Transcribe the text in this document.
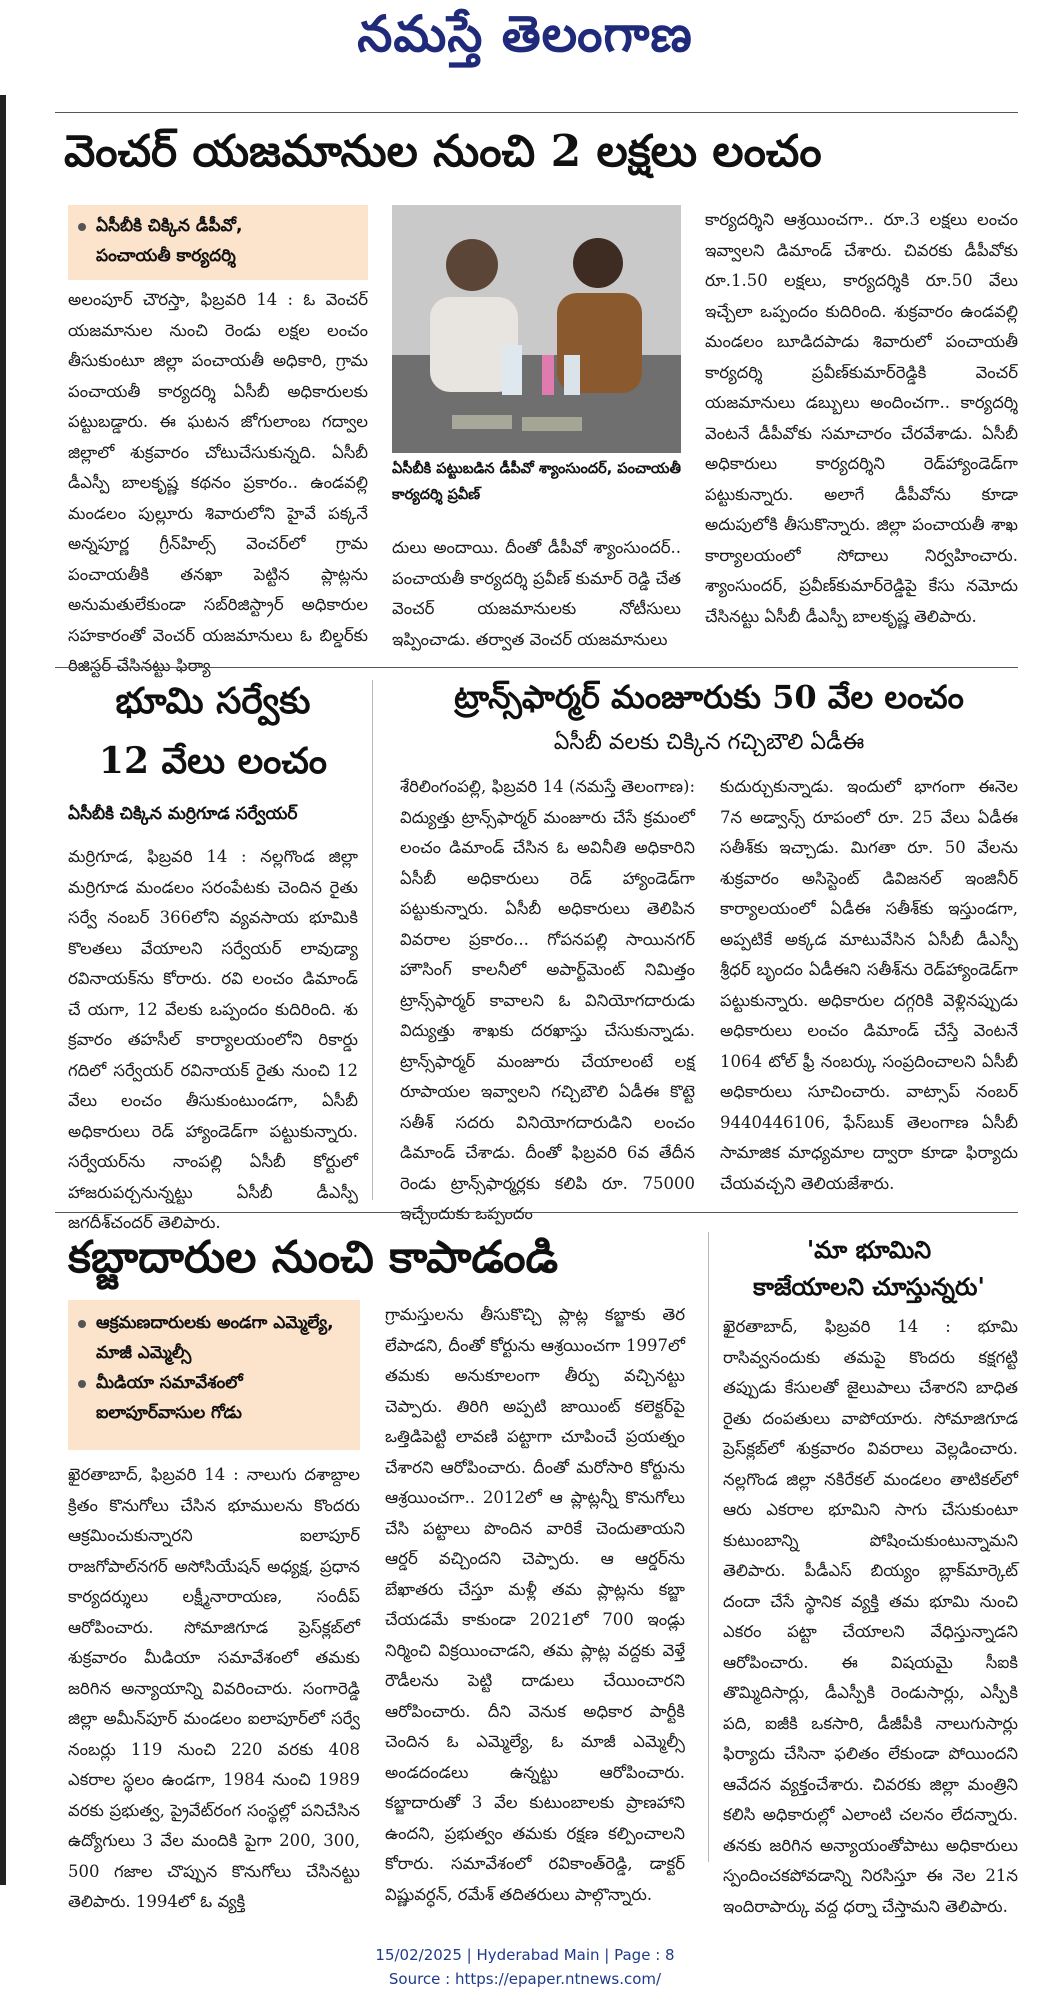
నమస్తే తెలంగాణ
వెంచర్ యజమానుల నుంచి 2 లక్షలు లంచం
ఏసీబీకి చిక్కిన డీపీవో,
పంచాయతీ కార్యదర్శి
అలంపూర్ చౌరస్తా, ఫిబ్రవరి 14 : ఓ వెంచర్ యజమానుల నుంచి రెండు లక్షల లంచం తీసుకుంటూ జిల్లా పంచాయతీ అధికారి, గ్రామ పంచాయతీ కార్యదర్శి ఏసీబీ అధికారులకు పట్టుబడ్డారు. ఈ ఘటన జోగులాంబ గద్వాల జిల్లాలో శుక్రవారం చోటుచేసుకున్నది. ఏసీబీ డీఎస్పీ బాలకృష్ణ కథనం ప్రకారం.. ఉండవల్లి మండలం పుల్లూరు శివారులోని హైవే పక్కనే అన్నపూర్ణ గ్రీన్‌హిల్స్ వెంచర్‌లో గ్రామ పంచాయతీకి తనఖా పెట్టిన ప్లాట్లను అనుమతులేకుండా సబ్‌రిజిస్ట్రార్ అధికారుల సహకారంతో వెంచర్ యజమానులు ఓ బిల్డర్‌కు రిజిస్టర్ చేసినట్టు ఫిర్యా
ఏసీబీకి పట్టుబడిన డీపీవో శ్యాంసుందర్, పంచాయతీ కార్యదర్శి ప్రవీణ్
దులు అందాయి. దీంతో డీపీవో శ్యాంసుందర్.. పంచాయతీ కార్యదర్శి ప్రవీణ్ కుమార్ రెడ్డి చేత వెంచర్ యజమానులకు నోటీసులు ఇప్పించాడు. తర్వాత వెంచర్ యజమానులు
కార్యదర్శిని ఆశ్రయించగా.. రూ.3 లక్షలు లంచం ఇవ్వాలని డిమాండ్ చేశారు. చివరకు డీపీవోకు రూ.1.50 లక్షలు, కార్యదర్శికి రూ.50 వేలు ఇచ్చేలా ఒప్పందం కుదిరింది. శుక్రవారం ఉండవల్లి మండలం బూడిదపాడు శివారులో పంచాయతీ కార్యదర్శి ప్రవీణ్‌కుమార్‌రెడ్డికి వెంచర్ యజమానులు డబ్బులు అందించగా.. కార్యదర్శి వెంటనే డీపీవోకు సమాచారం చేరవేశాడు. ఏసీబీ అధికారులు కార్యదర్శిని రెడ్‌హ్యాండెడ్‌గా పట్టుకున్నారు. అలాగే డీపీవోను కూడా అదుపులోకి తీసుకొన్నారు. జిల్లా పంచాయతీ శాఖ కార్యాలయంలో సోదాలు నిర్వహించారు. శ్యాంసుందర్, ప్రవీణ్‌కుమార్‌రెడ్డిపై కేసు నమోదు చేసినట్టు ఏసీబీ డీఎస్పీ బాలకృష్ణ తెలిపారు.
భూమి సర్వేకు
12 వేలు లంచం
ఏసీబీకి చిక్కిన మర్రిగూడ సర్వేయర్
మర్రిగూడ, ఫిబ్రవరి 14 : నల్లగొండ జిల్లా మర్రిగూడ మండలం సరంపేటకు చెందిన రైతు సర్వే నంబర్ 366లోని వ్యవసాయ భూమికి కొలతలు వేయాలని సర్వేయర్ లావుడ్యా రవినాయక్‌ను కోరారు. రవి లంచం డిమాండ్ చే యగా, 12 వేలకు ఒప్పందం కుదిరింది. శు క్రవారం తహసీల్ కార్యాలయంలోని రికార్డు గదిలో సర్వేయర్ రవినాయక్ రైతు నుంచి 12 వేలు లంచం తీసుకుంటుండగా, ఏసీబీ అధికారులు రెడ్ హ్యాండెడ్‌గా పట్టుకున్నారు. సర్వేయర్‌ను నాంపల్లి ఏసీబీ కోర్టులో హాజరుపర్చనున్నట్టు ఏసీబీ డీఎస్పీ జగదీశ్‌చందర్ తెలిపారు.
ట్రాన్స్‌ఫార్మర్ మంజూరుకు 50 వేల లంచం
ఏసీబీ వలకు చిక్కిన గచ్చిబౌలి ఏడీఈ
శేరిలింగంపల్లి, ఫిబ్రవరి 14 (నమస్తే తెలంగాణ): విద్యుత్తు ట్రాన్స్‌ఫార్మర్ మంజూరు చేసే క్రమంలో లంచం డిమాండ్ చేసిన ఓ అవినీతి అధికారిని ఏసీబీ అధికారులు రెడ్ హ్యాండెడ్‌గా పట్టుకున్నారు. ఏసీబీ అధికారులు తెలిపిన వివరాల ప్రకారం... గోపనపల్లి సాయినగర్ హౌసింగ్ కాలనీలో అపార్ట్‌మెంట్ నిమిత్తం ట్రాన్స్‌ఫార్మర్ కావాలని ఓ వినియోగదారుడు విద్యుత్తు శాఖకు దరఖాస్తు చేసుకున్నాడు. ట్రాన్స్‌ఫార్మర్ మంజూరు చేయాలంటే లక్ష రూపాయల ఇవ్వాలని గచ్చిబౌలి ఏడీఈ కొట్టె సతీశ్ సదరు వినియోగదారుడిని లంచం డిమాండ్ చేశాడు. దీంతో ఫిబ్రవరి 6వ తేదీన రెండు ట్రాన్స్‌ఫార్మర్లకు కలిపి రూ. 75000 ఇచ్చేందుకు ఒప్పందం
కుదుర్చుకున్నాడు. ఇందులో భాగంగా ఈనెల 7న అడ్వాన్స్ రూపంలో రూ. 25 వేలు ఏడీఈ సతీశ్‌కు ఇచ్చాడు. మిగతా రూ. 50 వేలను శుక్రవారం అసిస్టెంట్ డివిజనల్ ఇంజినీర్ కార్యాలయంలో ఏడీఈ సతీశ్‌కు ఇస్తుండగా, అప్పటికే అక్కడ మాటువేసిన ఏసీబీ డీఎస్పీ శ్రీధర్ బృందం ఏడీఈని సతీశ్‌ను రెడ్‌హ్యాండెడ్‌గా పట్టుకున్నారు. అధికారుల దగ్గరికి వెళ్లినప్పుడు అధికారులు లంచం డిమాండ్ చేస్తే వెంటనే 1064 టోల్ ఫ్రీ నంబర్కు సంప్రదించాలని ఏసీబీ అధికారులు సూచించారు. వాట్సాప్ నంబర్ 9440446106, ఫేస్‌బుక్ తెలంగాణ ఏసీబీ సామాజిక మాధ్యమాల ద్వారా కూడా ఫిర్యాదు చేయవచ్చని తెలియజేశారు.
కబ్జాదారుల నుంచి కాపాడండి
ఆక్రమణదారులకు అండగా ఎమ్మెల్యే, మాజీ ఎమ్మెల్సీ
మీడియా సమావేశంలో ఐలాపూర్‌వాసుల గోడు
ఖైరతాబాద్, ఫిబ్రవరి 14 : నాలుగు దశాబ్దాల క్రితం కొనుగోలు చేసిన భూములను కొందరు ఆక్రమించుకున్నారని ఐలాపూర్ రాజగోపాల్‌నగర్ అసోసియేషన్ అధ్యక్ష, ప్రధాన కార్యదర్శులు లక్ష్మీనారాయణ, సందీప్ ఆరోపించారు. సోమాజిగూడ ప్రెస్‌క్లబ్‌లో శుక్రవారం మీడియా సమావేశంలో తమకు జరిగిన అన్యాయాన్ని వివరించారు. సంగారెడ్డి జిల్లా అమీన్‌పూర్ మండలం ఐలాపూర్‌లో సర్వే నంబర్లు 119 నుంచి 220 వరకు 408 ఎకరాల స్థలం ఉండగా, 1984 నుంచి 1989 వరకు ప్రభుత్వ, ప్రైవేట్‌రంగ సంస్థల్లో పనిచేసిన ఉద్యోగులు 3 వేల మందికి పైగా 200, 300, 500 గజాల చొప్పున కొనుగోలు చేసినట్టు తెలిపారు. 1994లో ఓ వ్యక్తి
గ్రామస్తులను తీసుకొచ్చి ప్లాట్ల కబ్జాకు తెర లేపాడని, దీంతో కోర్టును ఆశ్రయించగా 1997లో తమకు అనుకూలంగా తీర్పు వచ్చినట్టు చెప్పారు. తిరిగి అప్పటి జాయింట్ కలెక్టర్‌పై ఒత్తిడిపెట్టి లావణి పట్టాగా చూపించే ప్రయత్నం చేశారని ఆరోపించారు. దీంతో మరోసారి కోర్టును ఆశ్రయించగా.. 2012లో ఆ ప్లాట్లన్నీ కొనుగోలు చేసి పట్టాలు పొందిన వారికే చెందుతాయని ఆర్డర్ వచ్చిందని చెప్పారు. ఆ ఆర్డర్‌ను బేఖాతరు చేస్తూ మళ్లీ తమ ప్లాట్లను కబ్జా చేయడమే కాకుండా 2021లో 700 ఇండ్లు నిర్మించి విక్రయించాడని, తమ ప్లాట్ల వద్దకు వెళ్తే రౌడీలను పెట్టి దాడులు చేయించారని ఆరోపించారు. దీని వెనుక అధికార పార్టీకి చెందిన ఓ ఎమ్మెల్యే, ఓ మాజీ ఎమ్మెల్సీ అండదండలు ఉన్నట్టు ఆరోపించారు. కబ్జాదారుతో 3 వేల కుటుంబాలకు ప్రాణహాని ఉందని, ప్రభుత్వం తమకు రక్షణ కల్పించాలని కోరారు. సమావేశంలో రవికాంత్‌రెడ్డి, డాక్టర్ విష్ణువర్ధన్, రమేశ్ తదితరులు పాల్గొన్నారు.
'మా భూమిని
కాజేయాలని చూస్తున్నరు'
ఖైరతాబాద్, ఫిబ్రవరి 14 : భూమి రాసివ్వనందుకు తమపై కొందరు కక్షగట్టి తప్పుడు కేసులతో జైలుపాలు చేశారని బాధిత రైతు దంపతులు వాపోయారు. సోమాజిగూడ ప్రెస్‌క్లబ్‌లో శుక్రవారం వివరాలు వెల్లడించారు. నల్లగొండ జిల్లా నకిరేకల్ మండలం తాటికల్‌లో ఆరు ఎకరాల భూమిని సాగు చేసుకుంటూ కుటుంబాన్ని పోషించుకుంటున్నామని తెలిపారు. పీడీఎస్ బియ్యం బ్లాక్‌మార్కెట్ దందా చేసే స్థానిక వ్యక్తి తమ భూమి నుంచి ఎకరం పట్టా చేయాలని వేధిస్తున్నాడని ఆరోపించారు. ఈ విషయమై సీఐకి తొమ్మిదిసార్లు, డీఎస్పీకి రెండుసార్లు, ఎస్పీకి పది, ఐజీకి ఒకసారి, డీజీపీకి నాలుగుసార్లు ఫిర్యాదు చేసినా ఫలితం లేకుండా పోయిందని ఆవేదన వ్యక్తంచేశారు. చివరకు జిల్లా మంత్రిని కలిసి అధికారుల్లో ఎలాంటి చలనం లేదన్నారు. తనకు జరిగిన అన్యాయంతోపాటు అధికారులు స్పందించకపోవడాన్ని నిరసిస్తూ ఈ నెల 21న ఇందిరాపార్కు వద్ద ధర్నా చేస్తామని తెలిపారు.
15/02/2025 | Hyderabad Main | Page : 8
Source : https://epaper.ntnews.com/
